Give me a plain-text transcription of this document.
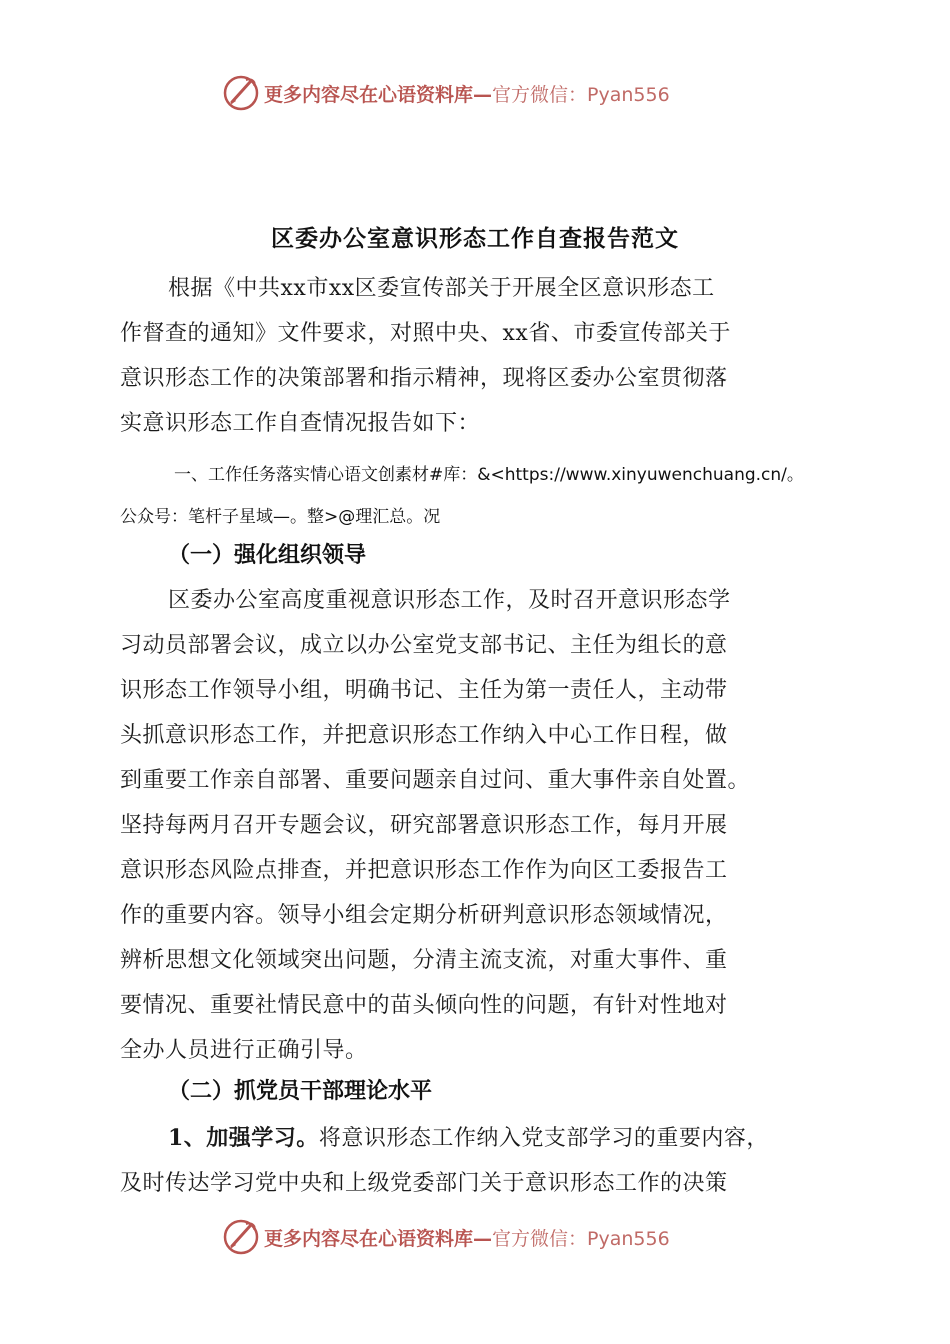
更多内容尽在心语资料库—官方微信：Pyan556
区委办公室意识形态工作自查报告范文
根据《中共xx市xx区委宣传部关于开展全区意识形态工
作督查的通知》文件要求，对照中央、xx省、市委宣传部关于
意识形态工作的决策部署和指示精神，现将区委办公室贯彻落
实意识形态工作自查情况报告如下：
一、工作任务落实情心语文创素材#库：&<https://www.xinyuwenchuang.cn/。
公众号：笔杆子星域—。整>@理汇总。况
（一）强化组织领导
区委办公室高度重视意识形态工作，及时召开意识形态学
习动员部署会议，成立以办公室党支部书记、主任为组长的意
识形态工作领导小组，明确书记、主任为第一责任人，主动带
头抓意识形态工作，并把意识形态工作纳入中心工作日程，做
到重要工作亲自部署、重要问题亲自过问、重大事件亲自处置。
坚持每两月召开专题会议，研究部署意识形态工作，每月开展
意识形态风险点排查，并把意识形态工作作为向区工委报告工
作的重要内容。领导小组会定期分析研判意识形态领域情况，
辨析思想文化领域突出问题，分清主流支流，对重大事件、重
要情况、重要社情民意中的苗头倾向性的问题，有针对性地对
全办人员进行正确引导。
（二）抓党员干部理论水平
1、加强学习。将意识形态工作纳入党支部学习的重要内容，
及时传达学习党中央和上级党委部门关于意识形态工作的决策
更多内容尽在心语资料库—官方微信：Pyan556
